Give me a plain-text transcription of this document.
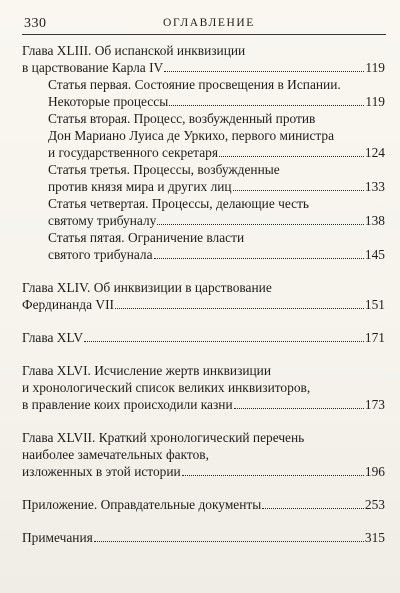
330	ОГЛАВЛЕНИЕ
Глава XLIII. Об испанской инквизиции
в царствование Карла IV	119
Статья первая. Состояние просвещения в Испании.
Некоторые процессы	119
Статья вторая. Процесс, возбужденный против
Дон Мариано Луиса де Уркихо, первого министра
и государственного секретаря	124
Статья третья. Процессы, возбужденные
против князя мира и других лиц	133
Статья четвертая. Процессы, делающие честь
святому трибуналу	138
Статья пятая. Ограничение власти
святого трибунала	145
Глава XLIV. Об инквизиции в царствование
Фердинанда VII	151
Глава XLV	171
Глава XLVI. Исчисление жертв инквизиции
и хронологический список великих инквизиторов,
в правление коих происходили казни	173
Глава XLVII. Краткий хронологический перечень
наиболее замечательных фактов,
изложенных в этой истории	196
Приложение. Оправдательные документы	253
Примечания	315
